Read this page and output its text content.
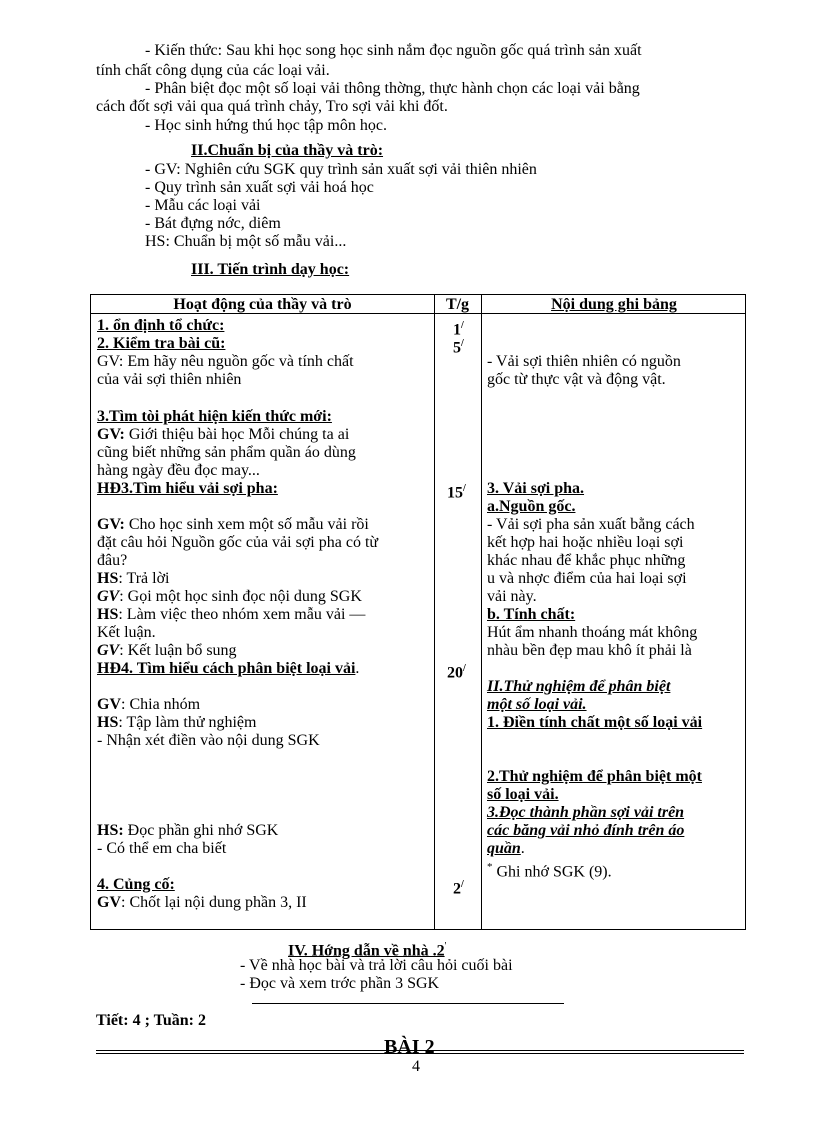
- Kiến thức: Sau khi học song học sinh nắm đọc nguồn gốc quá trình sản xuất
tính chất công dụng của các loại vải.
- Phân biệt đọc một số loại vải thông thờng, thực hành chọn các loại vải bằng
cách đốt sợi vải qua quá trình chảy, Tro sợi vải khi đốt.
- Học sinh hứng thú học tập môn học.
II.Chuẩn bị của thầy và trò:
- GV: Nghiên cứu SGK quy trình sản xuất sợi vải thiên nhiên
- Quy trình sản xuất sợi vải hoá học
- Mẫu các loại vải
- Bát đựng nớc, diêm
HS: Chuẩn bị một số mẫu vải...
III. Tiến trình dạy học:
Hoạt động của thầy và trò	T/g	Nội dung ghi bảng
1. ổn định tổ chức:
2. Kiểm tra bài cũ:
GV: Em hãy nêu nguồn gốc và tính chất
của vải sợi thiên nhiên
3.Tìm tòi phát hiện kiến thức mới:
GV: Giới thiệu bài học Mỗi chúng ta ai
cũng biết những sản phẩm quần áo dùng
hàng ngày đều đọc may...
HĐ3.Tìm hiểu vải sợi pha:
GV: Cho học sinh xem một số mẫu vải rồi
đặt câu hỏi Nguồn gốc của vải sợi pha có từ
đâu?
HS: Trả lời
GV: Gọi một học sinh đọc nội dung SGK
HS: Làm việc theo nhóm xem mẫu vải —
Kết luận.
GV: Kết luận bổ sung
HĐ4. Tìm hiểu cách phân biệt loại vải.
GV: Chia nhóm
HS: Tập làm thử nghiệm
- Nhận xét điền vào nội dung SGK
HS: Đọc phần ghi nhớ SGK
- Có thể em cha biết
4. Củng cố:
GV: Chốt lại nội dung phần 3, II
1/
5/
15/
20/
2/
- Vải sợi thiên nhiên có nguồn
gốc từ thực vật và động vật.
3. Vải sợi pha.
a.Nguồn gốc.
- Vải sợi pha sản xuất bằng cách
kết hợp hai hoặc nhiều loại sợi
khác nhau để khắc phục những
u và nhợc điểm của hai loại sợi
vải này.
b. Tính chất:
Hút ẩm nhanh thoáng mát không
nhàu bền đẹp mau khô ít phải là
II.Thử nghiệm để phân biệt
một số loại vải.
1. Điền tính chất một số loại vải
2.Thử nghiệm để phân biệt một
số loại vải.
3.Đọc thành phần sợi vải trên
các băng vải nhỏ đính trên áo
quần.
* Ghi nhớ SGK (9).
IV. Hớng dẫn về nhà .2'
- Về nhà học bài và trả lời câu hỏi cuối bài
- Đọc và xem trớc phần 3 SGK
Tiết: 4 ; Tuần: 2
BÀI 2
4
